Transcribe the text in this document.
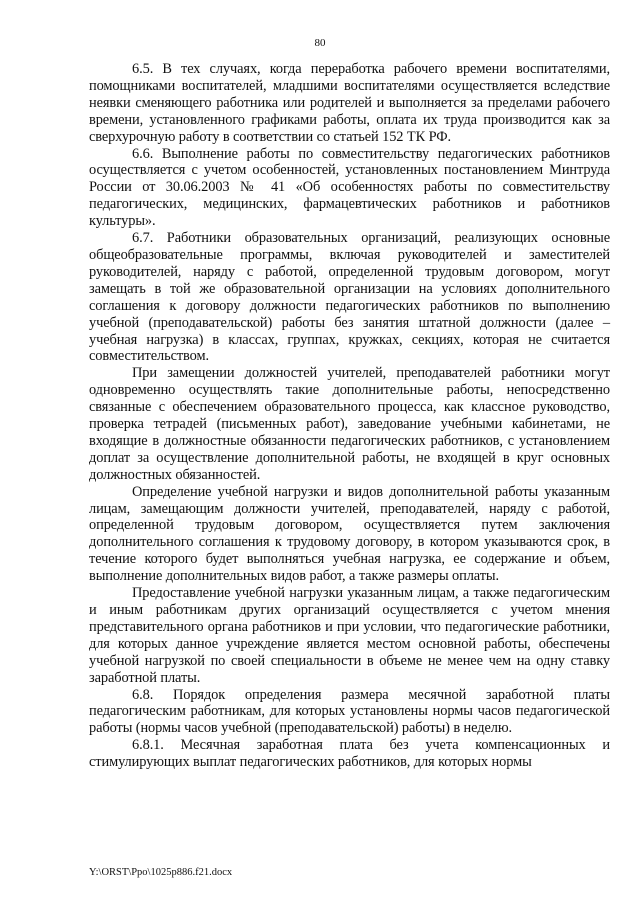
80

6.5. В тех случаях, когда переработка рабочего времени воспитателями, помощниками воспитателей, младшими воспитателями осуществляется вследствие неявки сменяющего работника или родителей и выполняется за пределами рабочего времени, установленного графиками работы, оплата их труда производится как за сверхурочную работу в соответствии со статьей 152 ТК РФ.

6.6. Выполнение работы по совместительству педагогических работников осуществляется с учетом особенностей, установленных постановлением Минтруда России от 30.06.2003 № 41 «Об особенностях работы по совместительству педагогических, медицинских, фармацевтических работников и работников культуры».

6.7. Работники образовательных организаций, реализующих основные общеобразовательные программы, включая руководителей и заместителей руководителей, наряду с работой, определенной трудовым договором, могут замещать в той же образовательной организации на условиях дополнительного соглашения к договору должности педагогических работников по выполнению учебной (преподавательской) работы без занятия штатной должности (далее – учебная нагрузка) в классах, группах, кружках, секциях, которая не считается совместительством.

При замещении должностей учителей, преподавателей работники могут одновременно осуществлять такие дополнительные работы, непосредственно связанные с обеспечением образовательного процесса, как классное руководство, проверка тетрадей (письменных работ), заведование учебными кабинетами, не входящие в должностные обязанности педагогических работников, с установлением доплат за осуществление дополнительной работы, не входящей в круг основных должностных обязанностей.

Определение учебной нагрузки и видов дополнительной работы указанным лицам, замещающим должности учителей, преподавателей, наряду с работой, определенной трудовым договором, осуществляется путем заключения дополнительного соглашения к трудовому договору, в котором указываются срок, в течение которого будет выполняться учебная нагрузка, ее содержание и объем, выполнение дополнительных видов работ, а также размеры оплаты.

Предоставление учебной нагрузки указанным лицам, а также педагогическим и иным работникам других организаций осуществляется с учетом мнения представительного органа работников и при условии, что педагогические работники, для которых данное учреждение является местом основной работы, обеспечены учебной нагрузкой по своей специальности в объеме не менее чем на одну ставку заработной платы.

6.8. Порядок определения размера месячной заработной платы педагогическим работникам, для которых установлены нормы часов педагогической работы (нормы часов учебной (преподавательской) работы) в неделю.

6.8.1. Месячная заработная плата без учета компенсационных и стимулирующих выплат педагогических работников, для которых нормы

Y:\ORST\Ppo\1025p886.f21.docx
